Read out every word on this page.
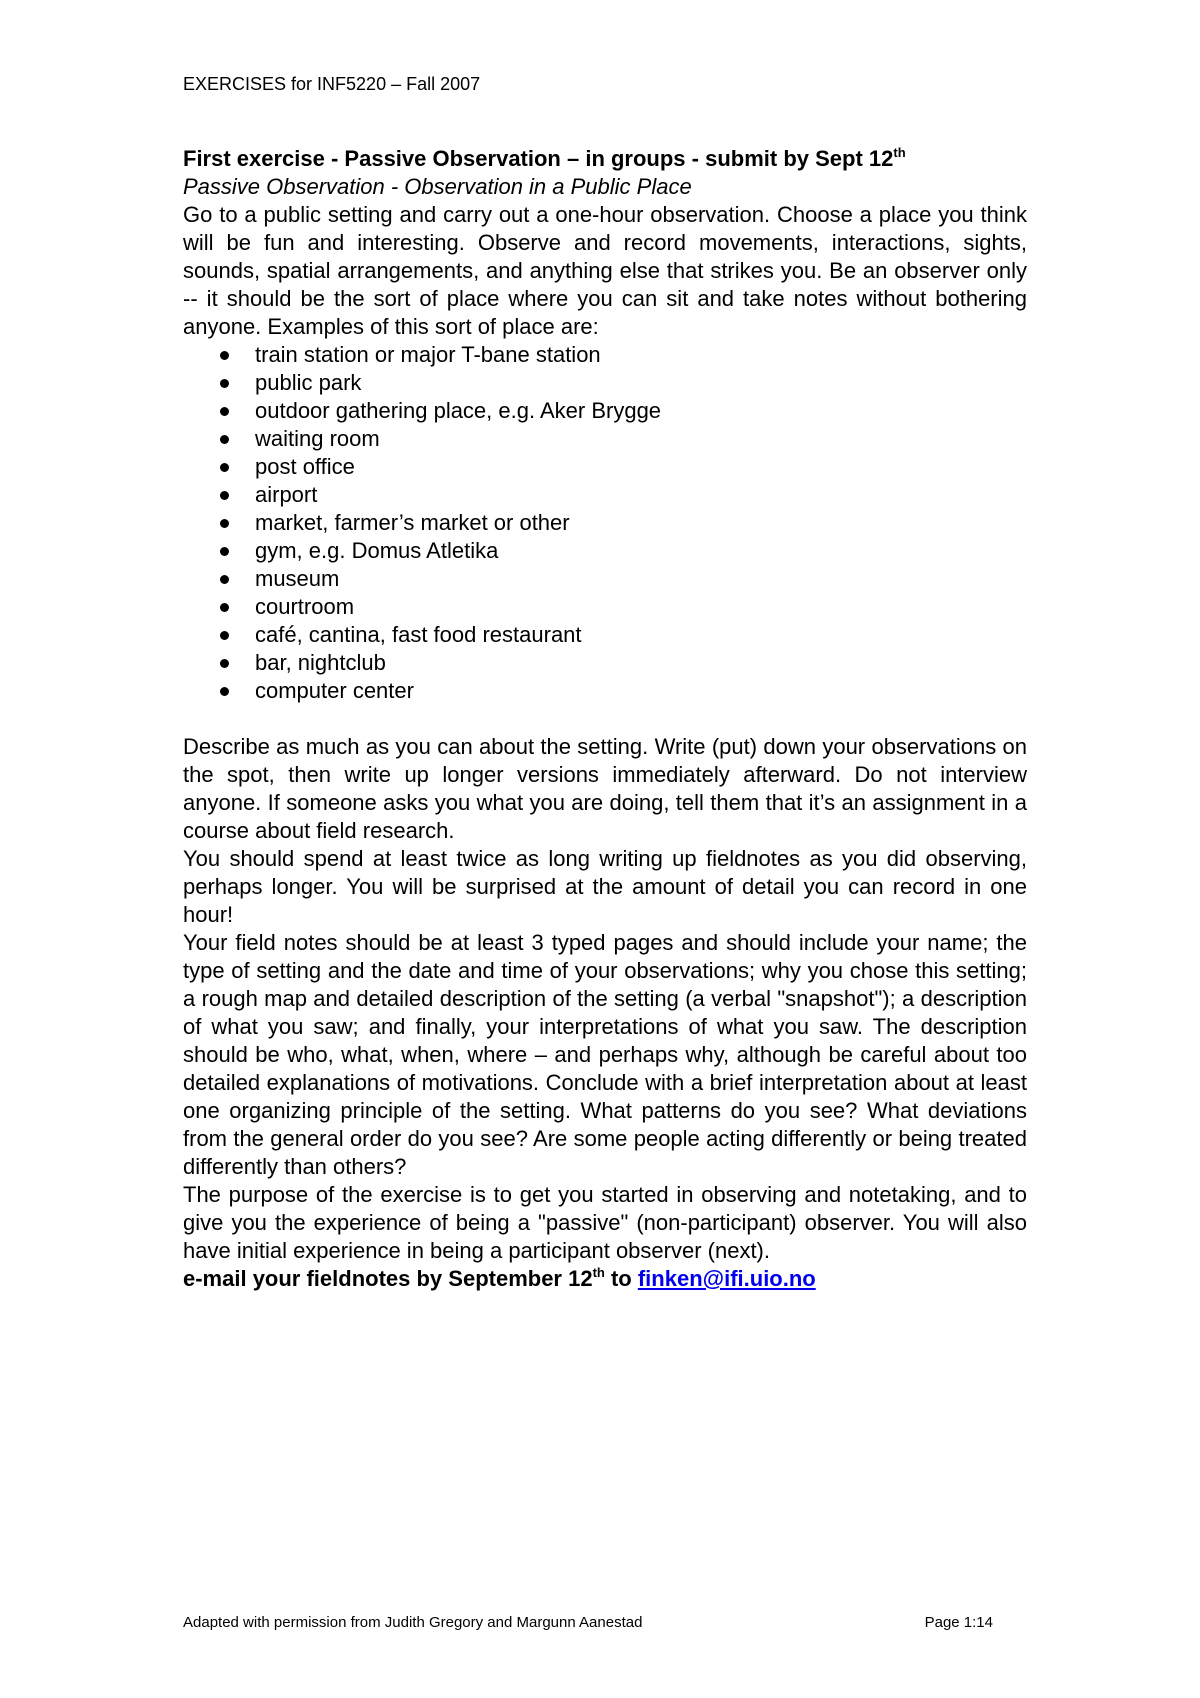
EXERCISES for INF5220 – Fall 2007

First exercise - Passive Observation – in groups - submit by Sept 12th

Passive Observation - Observation in a Public Place

Go to a public setting and carry out a one-hour observation. Choose a place you think will be fun and interesting. Observe and record movements, interactions, sights, sounds, spatial arrangements, and anything else that strikes you. Be an observer only -- it should be the sort of place where you can sit and take notes without bothering anyone. Examples of this sort of place are:

train station or major T-bane station
public park
outdoor gathering place, e.g. Aker Brygge
waiting room
post office
airport
market, farmer’s market or other
gym, e.g. Domus Atletika
museum
courtroom
café, cantina, fast food restaurant
bar, nightclub
computer center

Describe as much as you can about the setting. Write (put) down your observations on the spot, then write up longer versions immediately afterward. Do not interview anyone. If someone asks you what you are doing, tell them that it’s an assignment in a course about field research.

You should spend at least twice as long writing up fieldnotes as you did observing, perhaps longer. You will be surprised at the amount of detail you can record in one hour!

Your field notes should be at least 3 typed pages and should include your name; the type of setting and the date and time of your observations; why you chose this setting; a rough map and detailed description of the setting (a verbal "snapshot"); a description of what you saw; and finally, your interpretations of what you saw. The description should be who, what, when, where – and perhaps why, although be careful about too detailed explanations of motivations. Conclude with a brief interpretation about at least one organizing principle of the setting. What patterns do you see? What deviations from the general order do you see? Are some people acting differently or being treated differently than others?

The purpose of the exercise is to get you started in observing and notetaking, and to give you the experience of being a "passive" (non-participant) observer. You will also have initial experience in being a participant observer (next).

e-mail your fieldnotes by September 12th to finken@ifi.uio.no

Adapted with permission from Judith Gregory and Margunn Aanestad	Page 1:14
